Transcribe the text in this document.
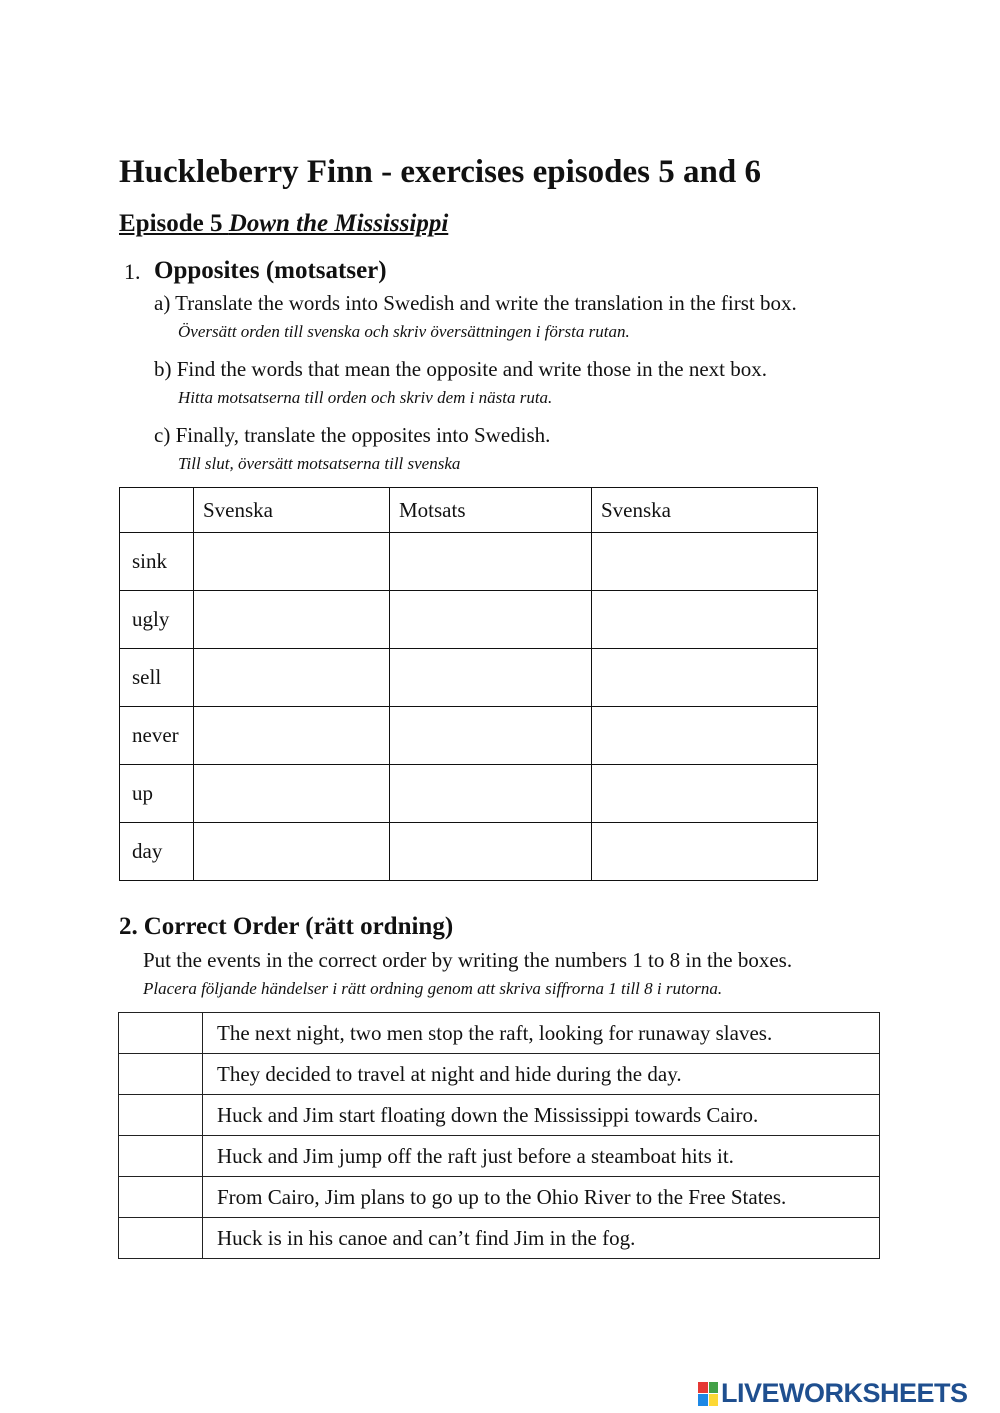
Huckleberry Finn - exercises episodes 5 and 6
Episode 5 Down the Mississippi
1. Opposites (motsatser)
a) Translate the words into Swedish and write the translation in the first box.
Översätt orden till svenska och skriv översättningen i första rutan.
b) Find the words that mean the opposite and write those in the next box.
Hitta motsatserna till orden och skriv dem i nästa ruta.
c) Finally, translate the opposites into Swedish.
Till slut, översätt motsatserna till svenska
	Svenska	Motsats	Svenska
sink			
ugly			
sell			
never			
up			
day			
2. Correct Order (rätt ordning)
Put the events in the correct order by writing the numbers 1 to 8 in the boxes.
Placera följande händelser i rätt ordning genom att skriva siffrorna 1 till 8 i rutorna.
	The next night, two men stop the raft, looking for runaway slaves.
	They decided to travel at night and hide during the day.
	Huck and Jim start floating down the Mississippi towards Cairo.
	Huck and Jim jump off the raft just before a steamboat hits it.
	From Cairo, Jim plans to go up to the Ohio River to the Free States.
	Huck is in his canoe and can’t find Jim in the fog.
LIVEWORKSHEETS
